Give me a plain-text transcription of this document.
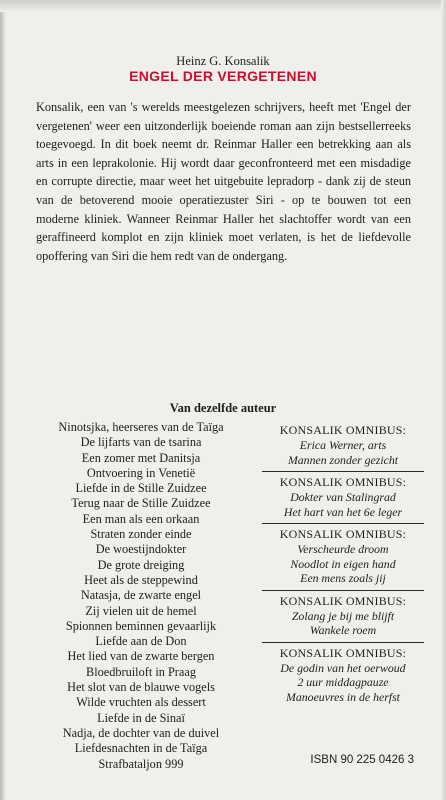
Heinz G. Konsalik
ENGEL DER VERGETENEN

Konsalik, een van 's werelds meestgelezen schrijvers, heeft met 'Engel der vergetenen' weer een uitzonderlijk boeiende roman aan zijn bestsellerreeks toegevoegd. In dit boek neemt dr. Reinmar Haller een betrekking aan als arts in een leprakolonie. Hij wordt daar geconfronteerd met een misdadige en corrupte directie, maar weet het uitgebuite lepradorp - dank zij de steun van de betoverend mooie operatiezuster Siri - op te bouwen tot een moderne kliniek. Wanneer Reinmar Haller het slachtoffer wordt van een geraffineerd komplot en zijn kliniek moet verlaten, is het de liefdevolle opoffering van Siri die hem redt van de ondergang.

Van dezelfde auteur
Ninotsjka, heerseres van de Taïga
De lijfarts van de tsarina
Een zomer met Danitsja
Ontvoering in Venetië
Liefde in de Stille Zuidzee
Terug naar de Stille Zuidzee
Een man als een orkaan
Straten zonder einde
De woestijndokter
De grote dreiging
Heet als de steppewind
Natasja, de zwarte engel
Zij vielen uit de hemel
Spionnen beminnen gevaarlijk
Liefde aan de Don
Het lied van de zwarte bergen
Bloedbruiloft in Praag
Het slot van de blauwe vogels
Wilde vruchten als dessert
Liefde in de Sinaï
Nadja, de dochter van de duivel
Liefdesnachten in de Taïga
Strafbataljon 999
KONSALIK OMNIBUS:
Erica Werner, arts
Mannen zonder gezicht
KONSALIK OMNIBUS:
Dokter van Stalingrad
Het hart van het 6e leger
KONSALIK OMNIBUS:
Verscheurde droom
Noodlot in eigen hand
Een mens zoals jij
KONSALIK OMNIBUS:
Zolang je bij me blijft
Wankele roem
KONSALIK OMNIBUS:
De godin van het oerwoud
2 uur middagpauze
Manoeuvres in de herfst
ISBN 90 225 0426 3
